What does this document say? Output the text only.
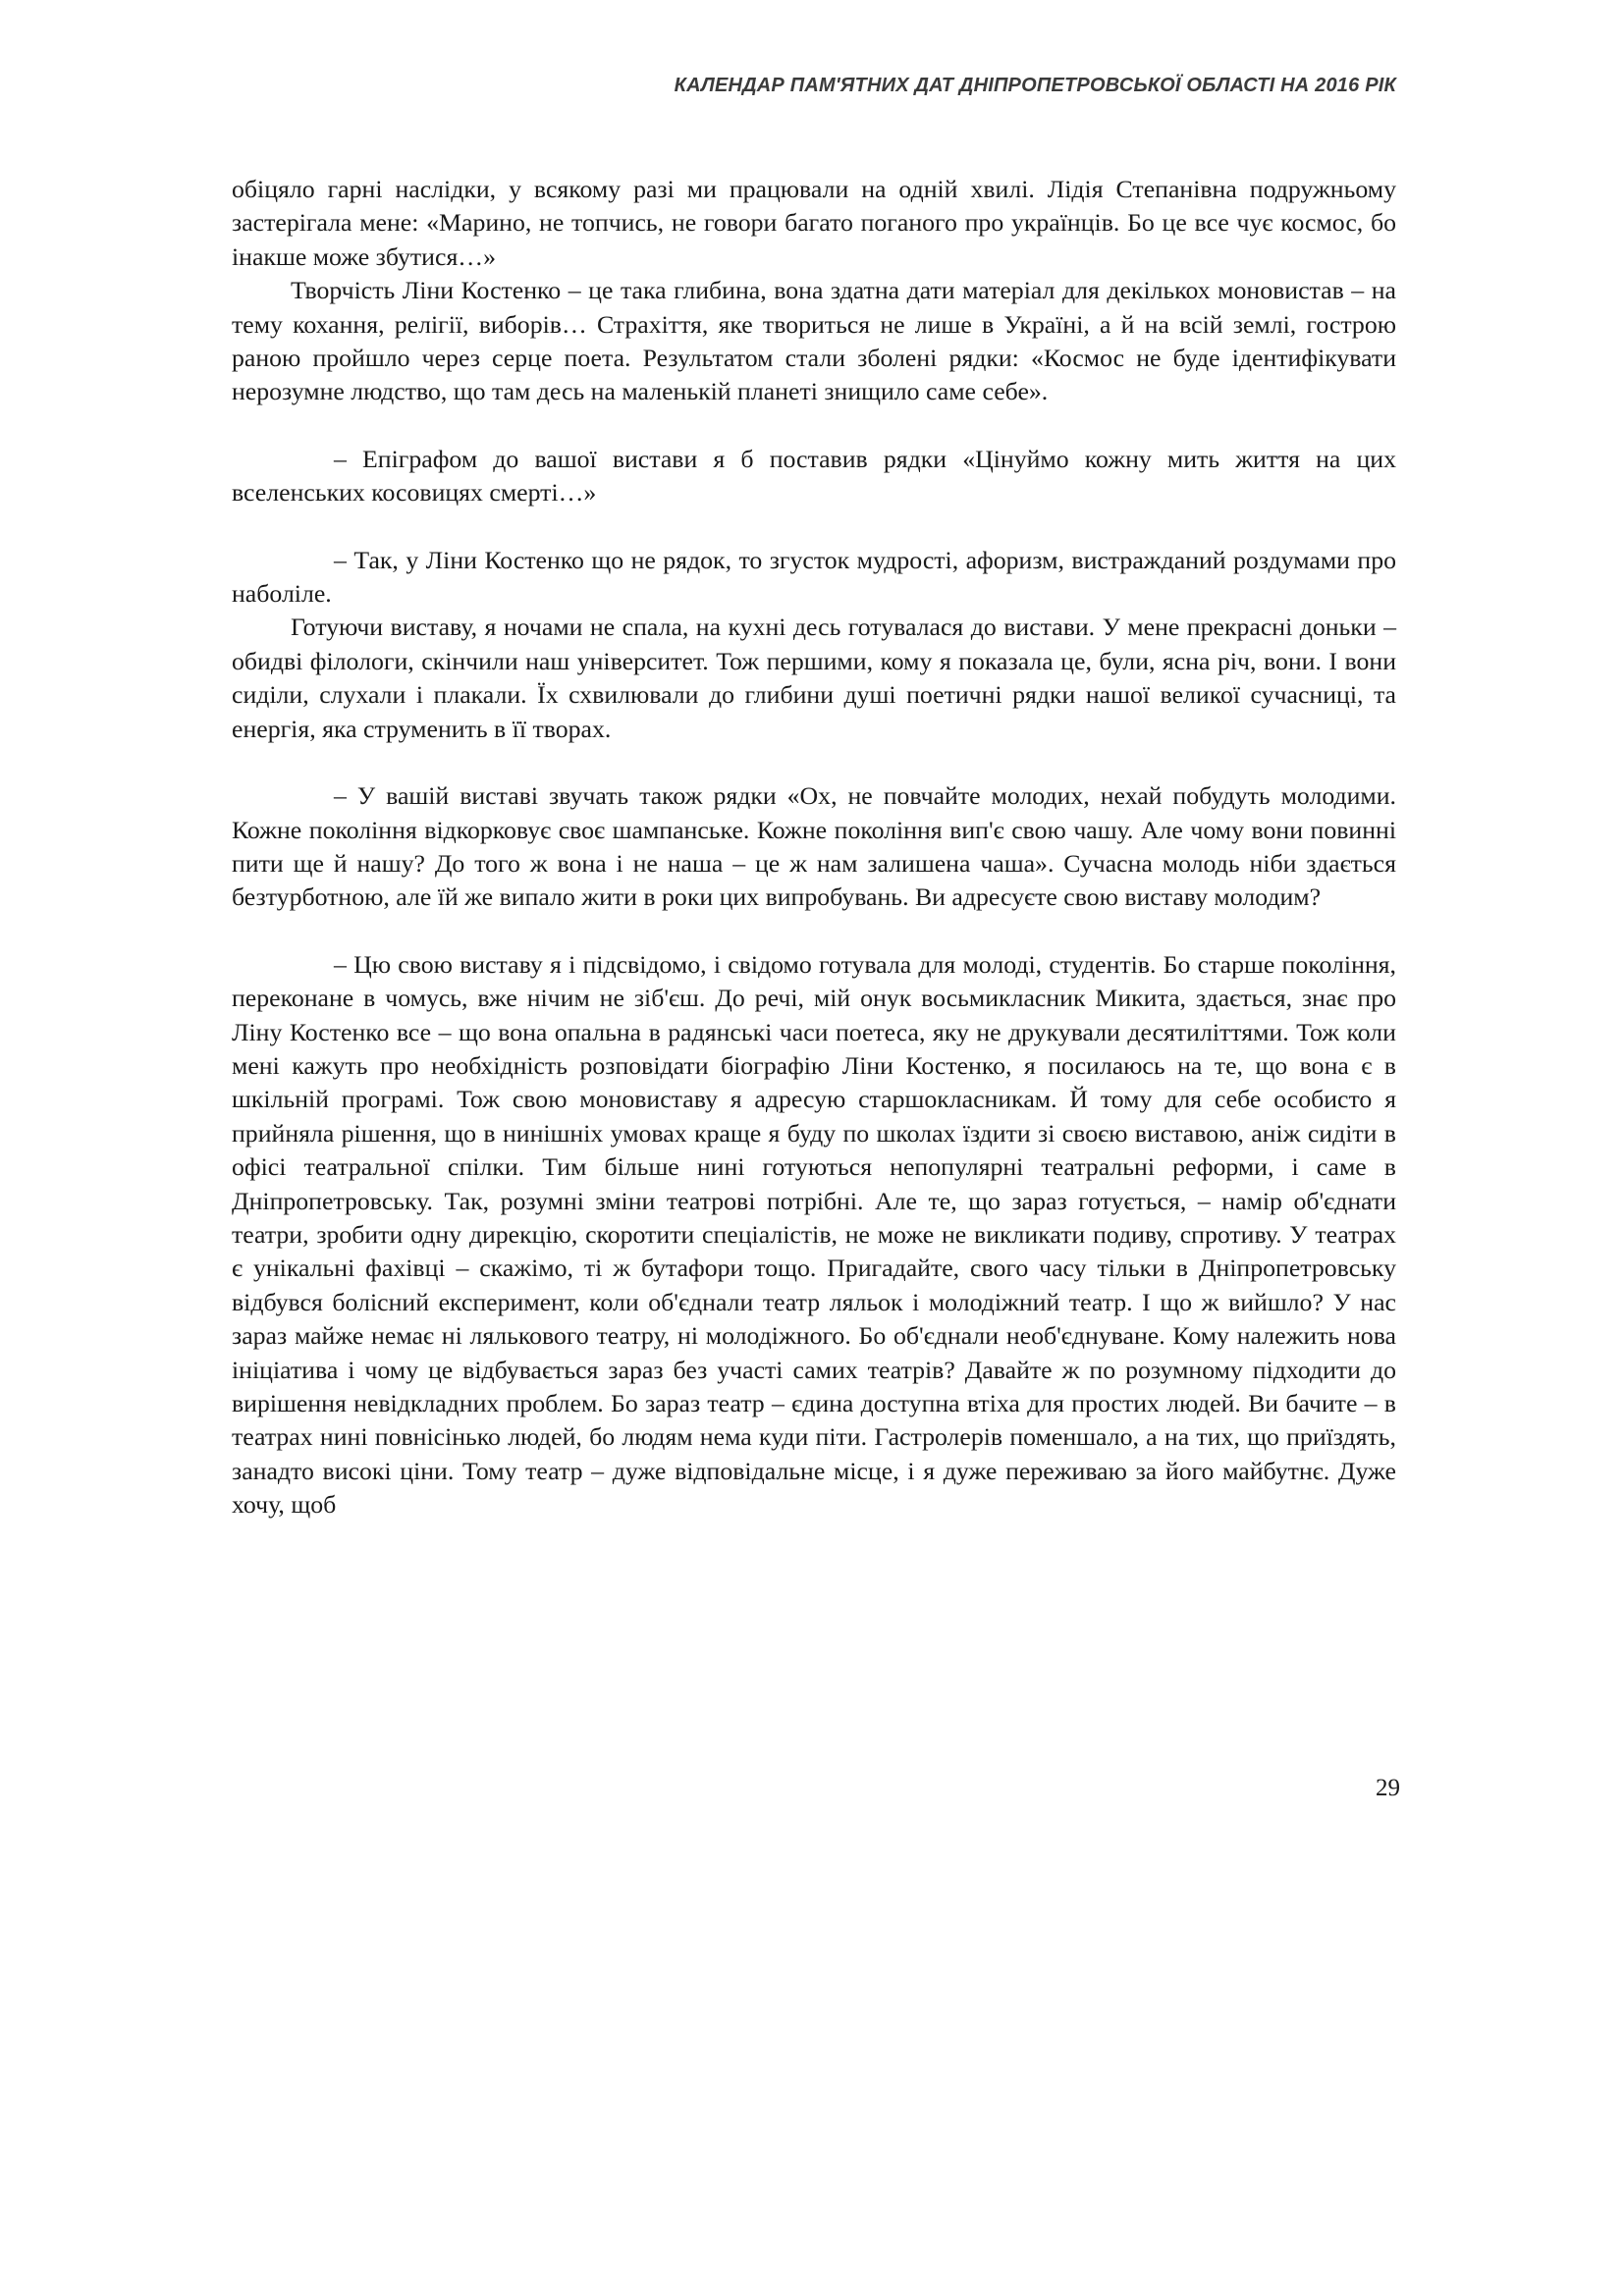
КАЛЕНДАР ПАМ'ЯТНИХ ДАТ ДНІПРОПЕТРОВСЬКОЇ ОБЛАСТІ НА 2016 РІК

обіцяло гарні наслідки, у всякому разі ми працювали на одній хвилі. Лідія Степанівна подружньому застерігала мене: «Марино, не топчись, не говори багато поганого про українців. Бо це все чує космос, бо інакше може збутися…»

Творчість Ліни Костенко – це така глибина, вона здатна дати матеріал для декількох моновистав – на тему кохання, релігії, виборів… Страхіття, яке твориться не лише в Україні, а й на всій землі, гострою раною пройшло через серце поета. Результатом стали зболені рядки: «Космос не буде ідентифікувати нерозумне людство, що там десь на маленькій планеті знищило саме себе».

– Епіграфом до вашої вистави я б поставив рядки «Цінуймо кожну мить життя на цих вселенських косовицях смерті…»

– Так, у Ліни Костенко що не рядок, то згусток мудрості, афоризм, вистражданий роздумами про наболіле.

Готуючи виставу, я ночами не спала, на кухні десь готувалася до вистави. У мене прекрасні доньки – обидві філологи, скінчили наш університет. Тож першими, кому я показала це, були, ясна річ, вони. І вони сиділи, слухали і плакали. Їх схвилювали до глибини душі поетичні рядки нашої великої сучасниці, та енергія, яка струменить в її творах.

– У вашій виставі звучать також рядки «Ох, не повчайте молодих, нехай побудуть молодими. Кожне покоління відкорковує своє шампанське. Кожне покоління вип'є свою чашу. Але чому вони повинні пити ще й нашу? До того ж вона і не наша – це ж нам залишена чаша». Сучасна молодь ніби здається безтурботною, але їй же випало жити в роки цих випробувань. Ви адресуєте свою виставу молодим?

– Цю свою виставу я і підсвідомо, і свідомо готувала для молоді, студентів. Бо старше покоління, переконане в чомусь, вже нічим не зіб'єш. До речі, мій онук восьмикласник Микита, здається, знає про Ліну Костенко все – що вона опальна в радянські часи поетеса, яку не друкували десятиліттями. Тож коли мені кажуть про необхідність розповідати біографію Ліни Костенко, я посилаюсь на те, що вона є в шкільній програмі. Тож свою моновиставу я адресую старшокласникам. Й тому для себе особисто я прийняла рішення, що в нинішніх умовах краще я буду по школах їздити зі своєю виставою, аніж сидіти в офісі театральної спілки. Тим більше нині готуються непопулярні театральні реформи, і саме в Дніпропетровську. Так, розумні зміни театрові потрібні. Але те, що зараз готується, – намір об'єднати театри, зробити одну дирекцію, скоротити спеціалістів, не може не викликати подиву, спротиву. У театрах є унікальні фахівці – скажімо, ті ж бутафори тощо. Пригадайте, свого часу тільки в Дніпропетровську відбувся болісний експеримент, коли об'єднали театр ляльок і молодіжний театр. І що ж вийшло? У нас зараз майже немає ні лялькового театру, ні молодіжного. Бо об'єднали необ'єднуване. Кому належить нова ініціатива і чому це відбувається зараз без участі самих театрів? Давайте ж по розумному підходити до вирішення невідкладних проблем. Бо зараз театр – єдина доступна втіха для простих людей. Ви бачите – в театрах нині повнісінько людей, бо людям нема куди піти. Гастролерів поменшало, а на тих, що приїздять, занадто високі ціни. Тому театр – дуже відповідальне місце, і я дуже переживаю за його майбутнє. Дуже хочу, щоб

29
